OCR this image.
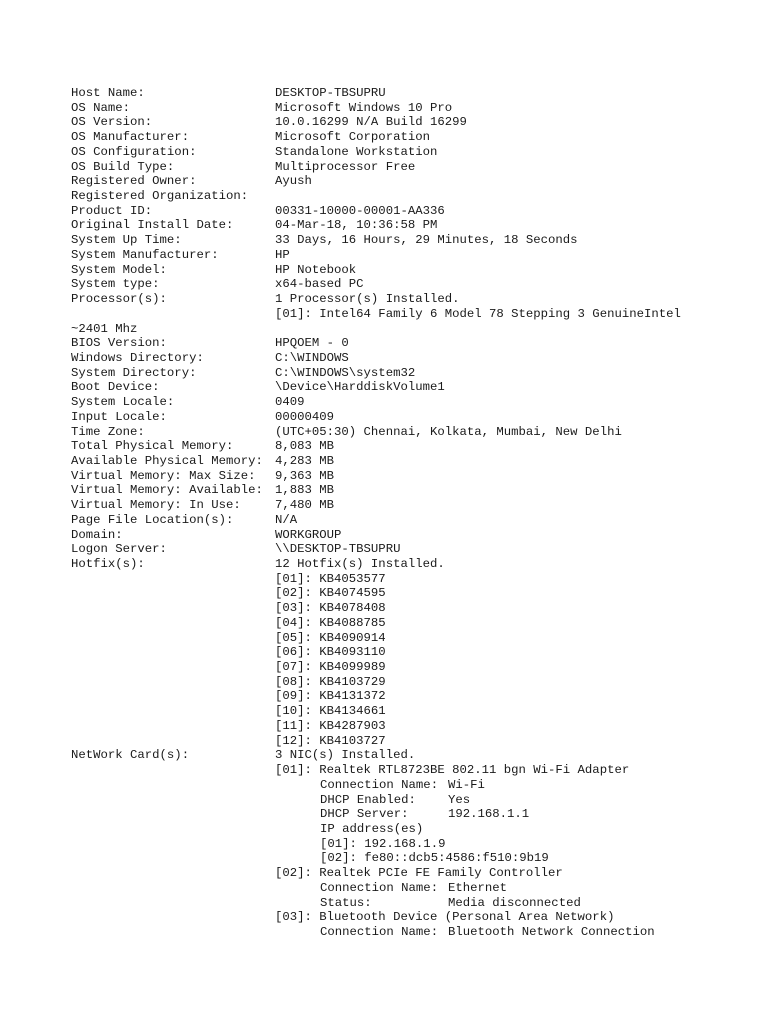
Host Name:	DESKTOP-TBSUPRU
OS Name:	Microsoft Windows 10 Pro
OS Version:	10.0.16299 N/A Build 16299
OS Manufacturer:	Microsoft Corporation
OS Configuration:	Standalone Workstation
OS Build Type:	Multiprocessor Free
Registered Owner:	Ayush
Registered Organization:
Product ID:	00331-10000-00001-AA336
Original Install Date:	04-Mar-18, 10:36:58 PM
System Up Time:	33 Days, 16 Hours, 29 Minutes, 18 Seconds
System Manufacturer:	HP
System Model:	HP Notebook
System type:	x64-based PC
Processor(s):	1 Processor(s) Installed.
[01]: Intel64 Family 6 Model 78 Stepping 3 GenuineIntel
~2401 Mhz
BIOS Version:	HPQOEM - 0
Windows Directory:	C:\WINDOWS
System Directory:	C:\WINDOWS\system32
Boot Device:	\Device\HarddiskVolume1
System Locale:	0409
Input Locale:	00000409
Time Zone:	(UTC+05:30) Chennai, Kolkata, Mumbai, New Delhi
Total Physical Memory:	8,083 MB
Available Physical Memory: 4,283 MB
Virtual Memory: Max Size: 9,363 MB
Virtual Memory: Available: 1,883 MB
Virtual Memory: In Use:	7,480 MB
Page File Location(s):	N/A
Domain:	WORKGROUP
Logon Server:	\\DESKTOP-TBSUPRU
Hotfix(s):	12 Hotfix(s) Installed.
[01]: KB4053577
[02]: KB4074595
[03]: KB4078408
[04]: KB4088785
[05]: KB4090914
[06]: KB4093110
[07]: KB4099989
[08]: KB4103729
[09]: KB4131372
[10]: KB4134661
[11]: KB4287903
[12]: KB4103727
NetWork Card(s):	3 NIC(s) Installed.
[01]: Realtek RTL8723BE 802.11 bgn Wi-Fi Adapter
Connection Name: Wi-Fi
DHCP Enabled:	Yes
DHCP Server:	192.168.1.1
IP address(es)
[01]: 192.168.1.9
[02]: fe80::dcb5:4586:f510:9b19
[02]: Realtek PCIe FE Family Controller
Connection Name: Ethernet
Status:	Media disconnected
[03]: Bluetooth Device (Personal Area Network)
Connection Name: Bluetooth Network Connection
